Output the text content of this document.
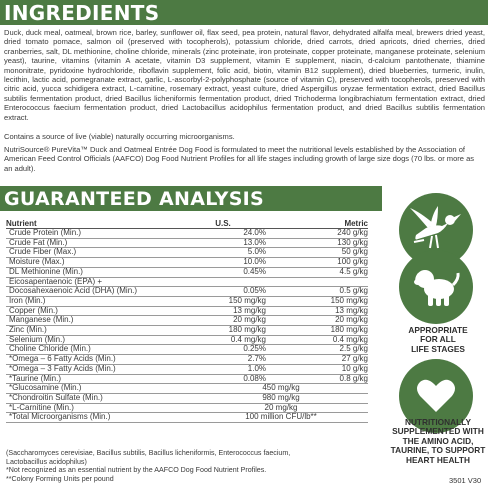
INGREDIENTS

Duck, duck meal, oatmeal, brown rice, barley, sunflower oil, flax seed, pea protein, natural flavor, dehydrated alfalfa meal, brewers dried yeast, dried tomato pomace, salmon oil (preserved with tocopherols), potassium chloride, dried carrots, dried apricots, dried cherries, dried cranberries, salt, DL methionine, choline chloride, minerals (zinc proteinate, iron proteinate, copper proteinate, manganese proteinate, selenium yeast), taurine, vitamins (vitamin A acetate, vitamin D3 supplement, vitamin E supplement, niacin, d-calcium pantothenate, thiamine mononitrate, pyridoxine hydrochloride, riboflavin supplement, folic acid, biotin, vitamin B12 supplement), dried blueberries, turmeric, inulin, lecithin, lactic acid, pomegranate extract, garlic, L-ascorbyl-2-polyphosphate (source of vitamin C), preserved with tocopherols, preserved with citric acid, yucca schidigera extract, L-carnitine, rosemary extract, yeast culture, dried Aspergillus oryzae fermentation extract, dried Bacillus subtilis fermentation product, dried Bacillus licheniformis fermentation product, dried Trichoderma longibrachiatum fermentation extract, dried Enterococcus faecium fermentation product, dried Lactobacillus acidophilus fermentation product, and dried Bacillus subtilis fermentation extract.

Contains a source of live (viable) naturally occurring microorganisms.

NutriSource® PureVita™ Duck and Oatmeal Entrée Dog Food is formulated to meet the nutritional levels established by the Association of American Feed Control Officials (AAFCO) Dog Food Nutrient Profiles for all life stages including growth of large size dogs (70 lbs. or more as an adult).

GUARANTEED ANALYSIS
Nutrient	U.S.	Metric
Crude Protein (Min.)	24.0%	240 g/kg
Crude Fat (Min.)	13.0%	130 g/kg
Crude Fiber (Max.)	5.0%	50 g/kg
Moisture (Max.)	10.0%	100 g/kg
DL Methionine (Min.)	0.45%	4.5 g/kg
Eicosapentaenoic (EPA) +
Docosahexaenoic Acid (DHA) (Min.)	0.05%	0.5 g/kg
Iron (Min.)	150 mg/kg	150 mg/kg
Copper (Min.)	13 mg/kg	13 mg/kg
Manganese (Min.)	20 mg/kg	20 mg/kg
Zinc (Min.)	180 mg/kg	180 mg/kg
Selenium (Min.)	0.4 mg/kg	0.4 mg/kg
Choline Chloride (Min.)	0.25%	2.5 g/kg
*Omega – 6 Fatty Acids (Min.)	2.7%	27 g/kg
*Omega – 3 Fatty Acids (Min.)	1.0%	10 g/kg
*Taurine (Min.)	0.08%	0.8 g/kg
*Glucosamine (Min.)	450 mg/kg
*Chondroitin Sulfate (Min.)	980 mg/kg
*L-Carnitine (Min.)	20 mg/kg
*Total Microorganisms (Min.)	100 million CFU/lb**
(Saccharomyces cerevisiae, Bacillus subtilis, Bacillus licheniformis, Enterococcus faecium,
Lactobacillus acidophilus)
*Not recognized as an essential nutrient by the AAFCO Dog Food Nutrient Profiles.
**Colony Forming Units per pound
APPROPRIATE
FOR ALL
LIFE STAGES
NUTRITIONALLY
SUPPLEMENTED WITH
THE AMINO ACID,
TAURINE, TO SUPPORT
HEART HEALTH
3501 V30
